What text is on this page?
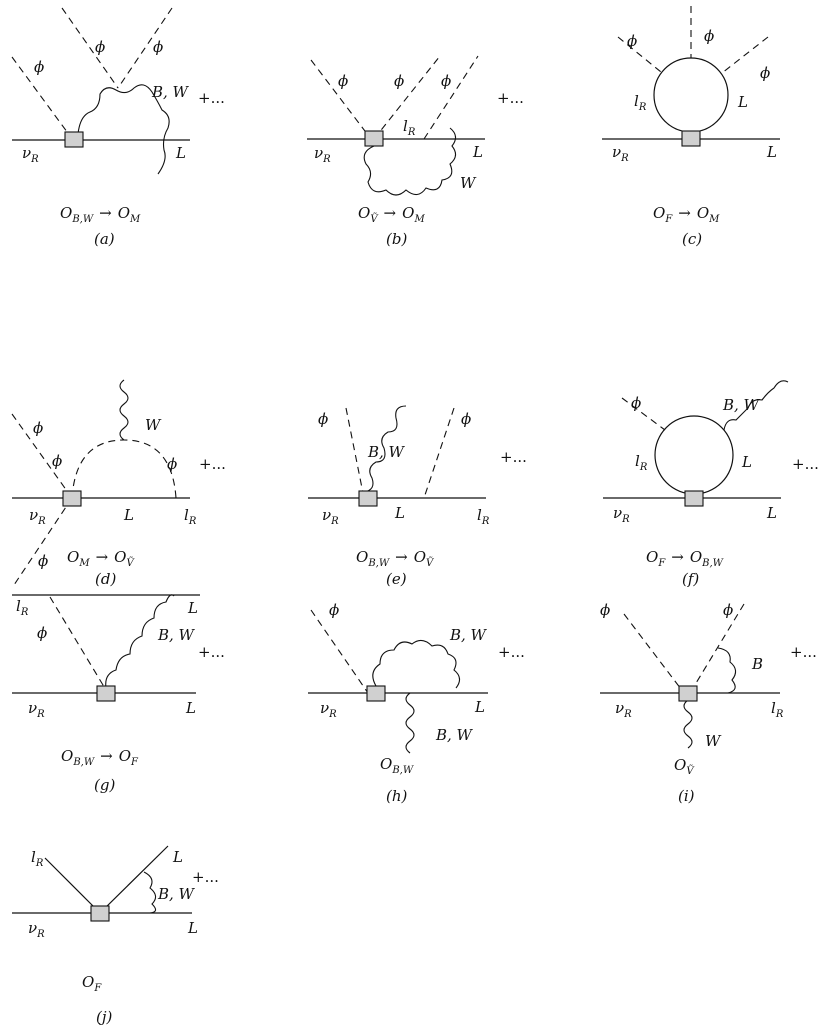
ϕ
ϕ	ϕ
B, W +...
$\nu_R$	L
$O_{B,W} \to O_M$
(a)
ϕ	ϕ ϕ
+...
$l_R$
$\nu_R$	L
W
$O_Ṽ \to O_M$
(b)
ϕ	ϕ
ϕ
$l_R$	L
$\nu_R$	L
$O_F \to O_M$
(c)
ϕ
ϕ	ϕ
W
+...
$\nu_R$	L	$l_R$
ϕ $O_M \to O_Ṽ$
(d)
ϕ	ϕ
B, W	+...
$\nu_R$	L	$l_R$
$O_{B,W} \to O_Ṽ$
(e)
ϕ	B, W
+...
$l_R$	L
$\nu_R$	L
$O_F \to O_{B,W}$
(f)
$l_R$	L
ϕ	B, W
+...
$\nu_R$	L
$O_{B,W} \to O_F$
(g)
ϕ
B, W
+...
$\nu_R$	L
B, W
$O_{B,W}$
(h)
ϕ	ϕ
B
+...
$\nu_R$	$l_R$
W
$O_Ṽ$
(i)
$l_R$	L
+...
B, W
$\nu_R$	L
$O_F$
(j)
